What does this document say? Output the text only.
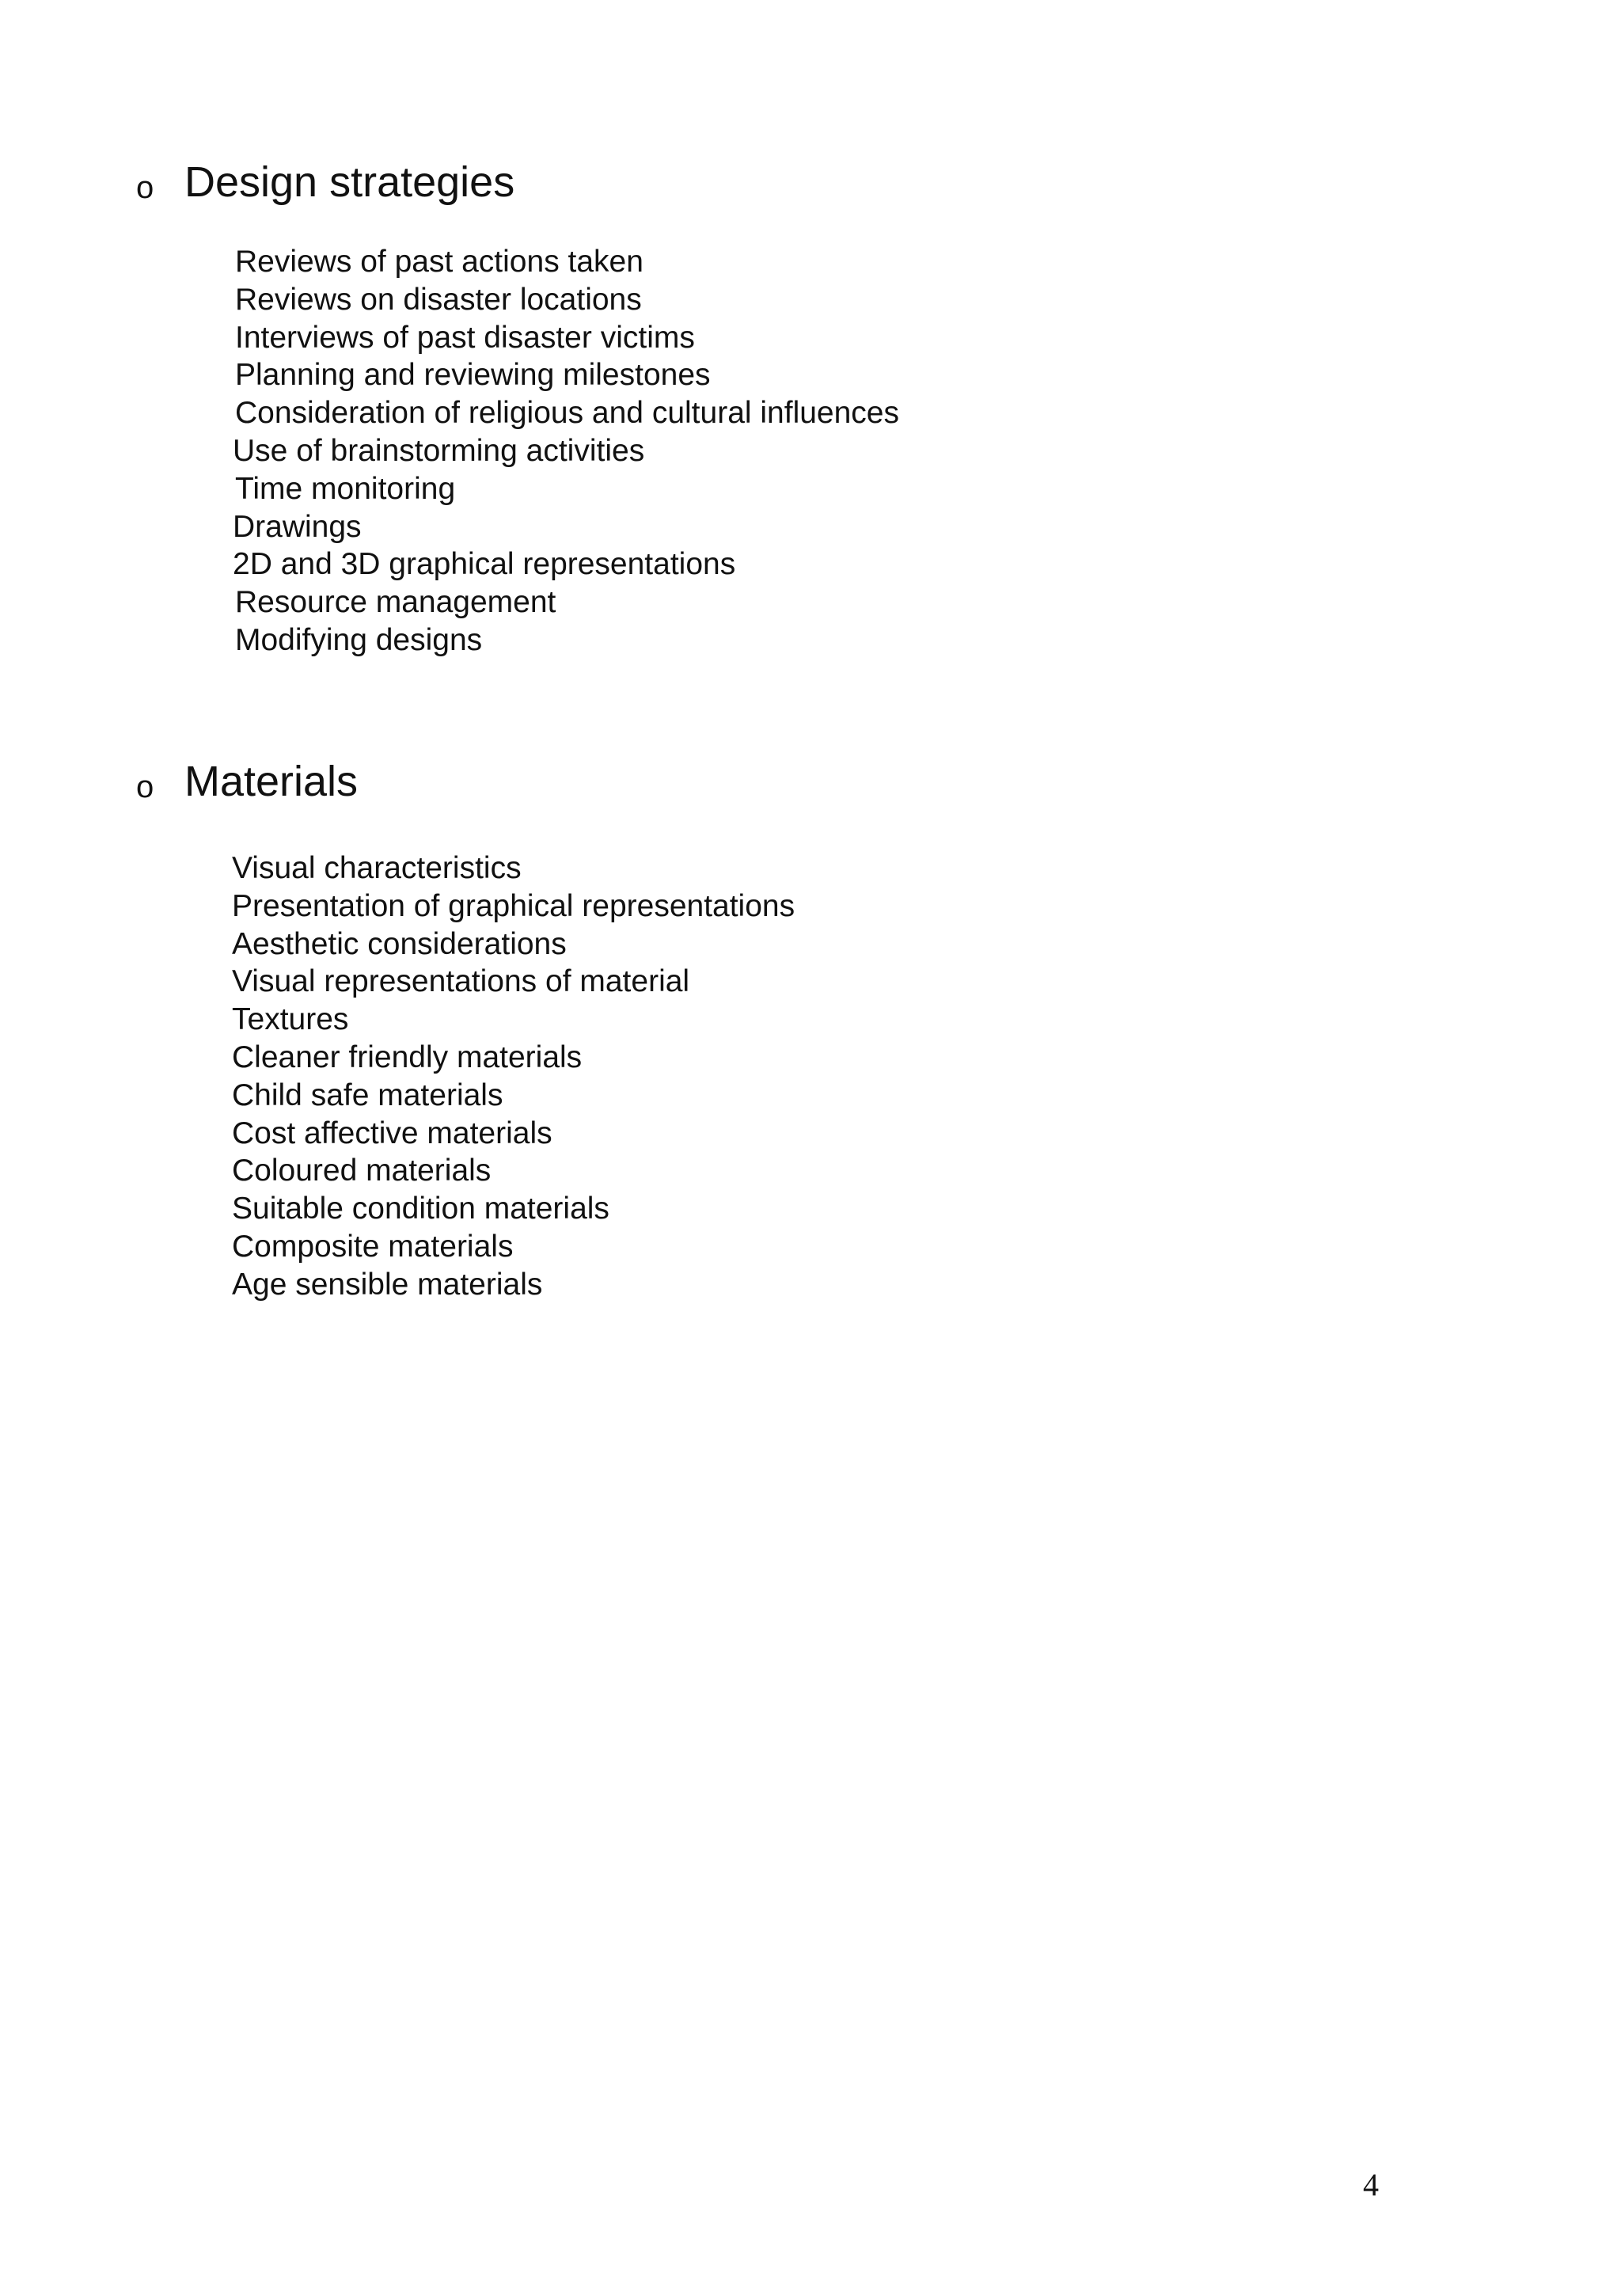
o Design strategies
Reviews of past actions taken
Reviews on disaster locations
Interviews of past disaster victims
Planning and reviewing milestones
Consideration of religious and cultural influences
Use of brainstorming activities
Time monitoring
Drawings
2D and 3D graphical representations
Resource management
Modifying designs
o Materials
Visual characteristics
Presentation of graphical representations
Aesthetic considerations
Visual representations of material
Textures
Cleaner friendly materials
Child safe materials
Cost affective materials
Coloured materials
Suitable condition materials
Composite materials
Age sensible materials
4
